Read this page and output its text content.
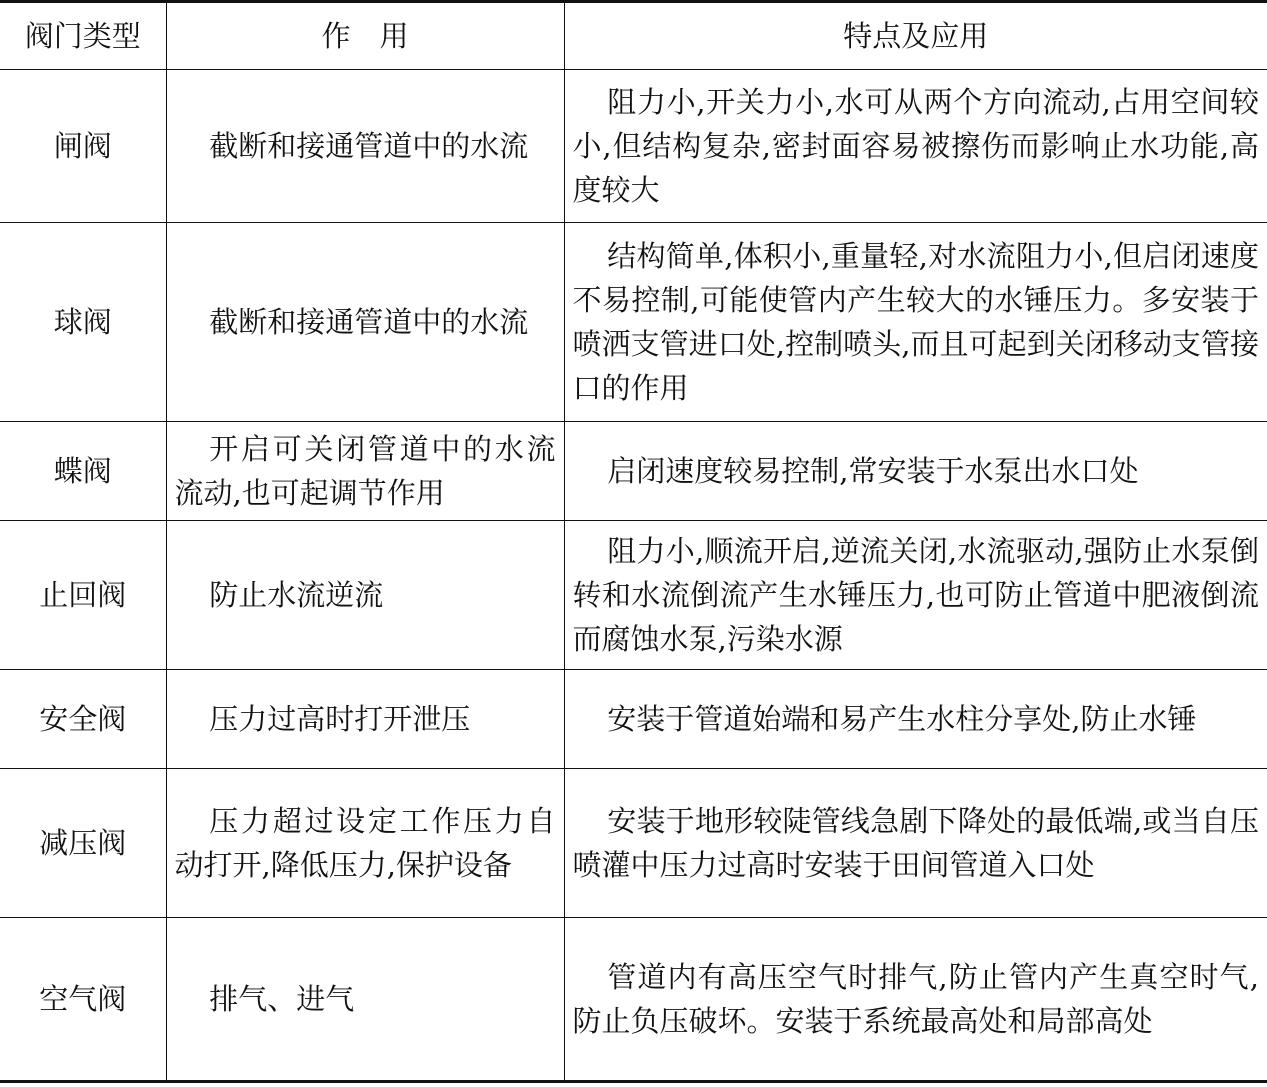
阀门类型	作　用	特点及应用
闸阀	截断和接通管道中的水流	阻力小,开关力小,水可从两个方向流动,占用空间较小,但结构复杂,密封面容易被擦伤而影响止水功能,高度较大
球阀	截断和接通管道中的水流	结构简单,体积小,重量轻,对水流阻力小,但启闭速度不易控制,可能使管内产生较大的水锤压力。多安装于喷洒支管进口处,控制喷头,而且可起到关闭移动支管接口的作用
蝶阀	开启可关闭管道中的水流流动,也可起调节作用	启闭速度较易控制,常安装于水泵出水口处
止回阀	防止水流逆流	阻力小,顺流开启,逆流关闭,水流驱动,强防止水泵倒转和水流倒流产生水锤压力,也可防止管道中肥液倒流而腐蚀水泵,污染水源
安全阀	压力过高时打开泄压	安装于管道始端和易产生水柱分享处,防止水锤
减压阀	压力超过设定工作压力自动打开,降低压力,保护设备	安装于地形较陡管线急剧下降处的最低端,或当自压喷灌中压力过高时安装于田间管道入口处
空气阀	排气、进气	管道内有高压空气时排气,防止管内产生真空时气,防止负压破坏。安装于系统最高处和局部高处
